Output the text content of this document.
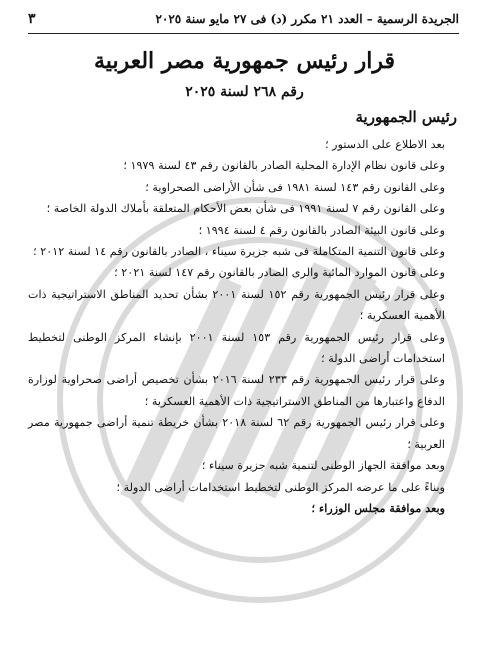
الجريدة الرسمية – العدد ٢١ مكرر (د) فى ٢٧ مايو سنة ٢٠٢٥
٣
قرار رئيس جمهورية مصر العربية
رقم ٢٦٨ لسنة ٢٠٢٥
رئيس الجمهورية

بعد الاطلاع على الدستور ؛

وعلى قانون نظام الإدارة المحلية الصادر بالقانون رقم ٤٣ لسنة ١٩٧٩ ؛

وعلى القانون رقم ١٤٣ لسنة ١٩٨١ فى شأن الأراضى الصحراوية ؛

وعلى القانون رقم ٧ لسنة ١٩٩١ فى شأن بعض الأحكام المتعلقة بأملاك الدولة الخاصة ؛

وعلى قانون البيئة الصادر بالقانون رقم ٤ لسنة ١٩٩٤ ؛

وعلى قانون التنمية المتكاملة فى شبه جزيرة سيناء ، الصادر بالقانون رقم ١٤ لسنة ٢٠١٢ ؛

وعلى قانون الموارد المائية والرى الصادر بالقانون رقم ١٤٧ لسنة ٢٠٢١ ؛

وعلى قرار رئيس الجمهورية رقم ١٥٢ لسنة ٢٠٠١ بشأن تحديد المناطق الاستراتيجية ذات الأهمية العسكرية ؛

وعلى قرار رئيس الجمهورية رقم ١٥٣ لسنة ٢٠٠١ بإنشاء المركز الوطنى لتخطيط استخدامات أراضى الدولة ؛

وعلى قرار رئيس الجمهورية رقم ٢٣٣ لسنة ٢٠١٦ بشأن تخصيص أراضى صحراوية لوزارة الدفاع واعتبارها من المناطق الاستراتيجية ذات الأهمية العسكرية ؛

وعلى قرار رئيس الجمهورية رقم ٦٢ لسنة ٢٠١٨ بشأن خريطة تنمية أراضى جمهورية مصر العربية ؛

وبعد موافقة الجهاز الوطنى لتنمية شبه جزيرة سيناء ؛

وبناءً على ما عرضه المركز الوطنى لتخطيط استخدامات أراضى الدولة ؛

وبعد موافقة مجلس الوزراء ؛
